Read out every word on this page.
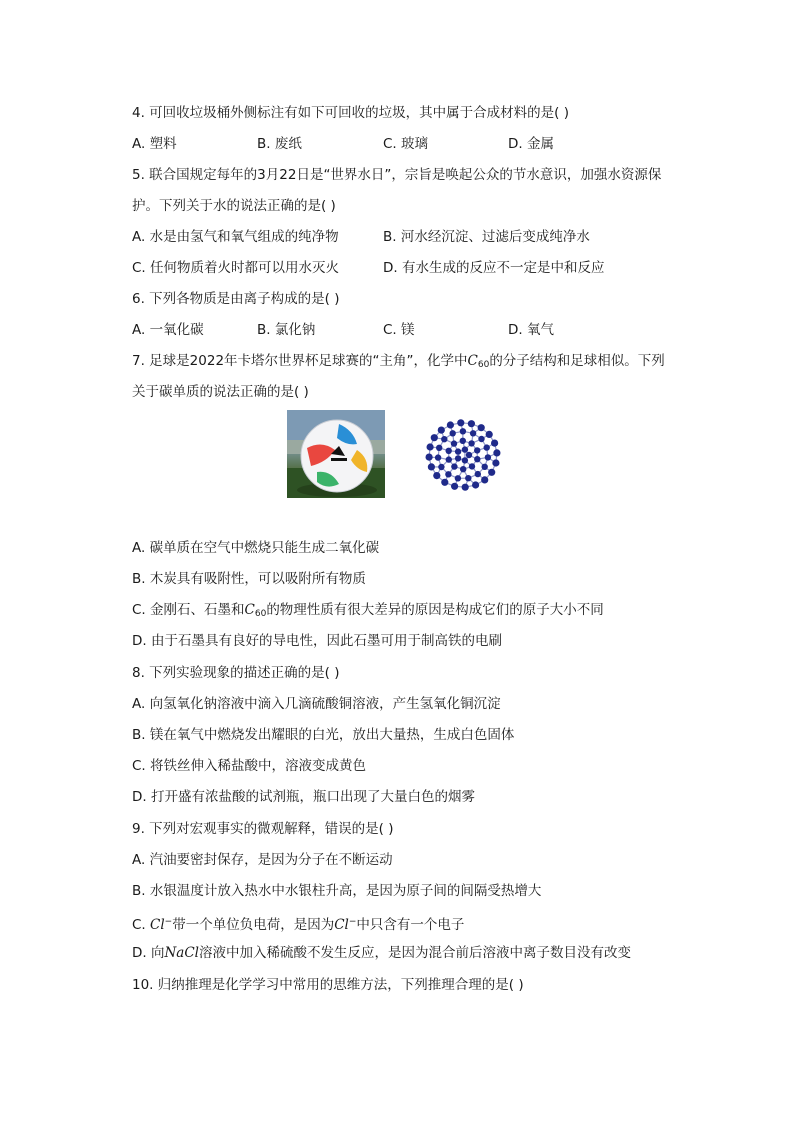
4. 可回收垃圾桶外侧标注有如下可回收的垃圾，其中属于合成材料的是( )
A. 塑料	B. 废纸	C. 玻璃	D. 金属
5. 联合国规定每年的3月22日是“世界水日”，宗旨是唤起公众的节水意识，加强水资源保
护。下列关于水的说法正确的是( )
A. 水是由氢气和氧气组成的纯净物	B. 河水经沉淀、过滤后变成纯净水
C. 任何物质着火时都可以用水灭火	D. 有水生成的反应不一定是中和反应
6. 下列各物质是由离子构成的是( )
A. 一氧化碳	B. 氯化钠	C. 镁	D. 氧气
7. 足球是2022年卡塔尔世界杯足球赛的“主角”，化学中$C_{60}$的分子结构和足球相似。下列
关于碳单质的说法正确的是( )
A. 碳单质在空气中燃烧只能生成二氧化碳
B. 木炭具有吸附性，可以吸附所有物质
C. 金刚石、石墨和$C_{60}$的物理性质有很大差异的原因是构成它们的原子大小不同
D. 由于石墨具有良好的导电性，因此石墨可用于制高铁的电刷
8. 下列实验现象的描述正确的是( )
A. 向氢氧化钠溶液中滴入几滴硫酸铜溶液，产生氢氧化铜沉淀
B. 镁在氧气中燃烧发出耀眼的白光，放出大量热，生成白色固体
C. 将铁丝伸入稀盐酸中，溶液变成黄色
D. 打开盛有浓盐酸的试剂瓶，瓶口出现了大量白色的烟雾
9. 下列对宏观事实的微观解释，错误的是( )
A. 汽油要密封保存，是因为分子在不断运动
B. 水银温度计放入热水中水银柱升高，是因为原子间的间隔受热增大
C. Cl−带一个单位负电荷，是因为Cl−中只含有一个电子
D. 向NaCl溶液中加入稀硫酸不发生反应，是因为混合前后溶液中离子数目没有改变
10. 归纳推理是化学学习中常用的思维方法，下列推理合理的是( )
